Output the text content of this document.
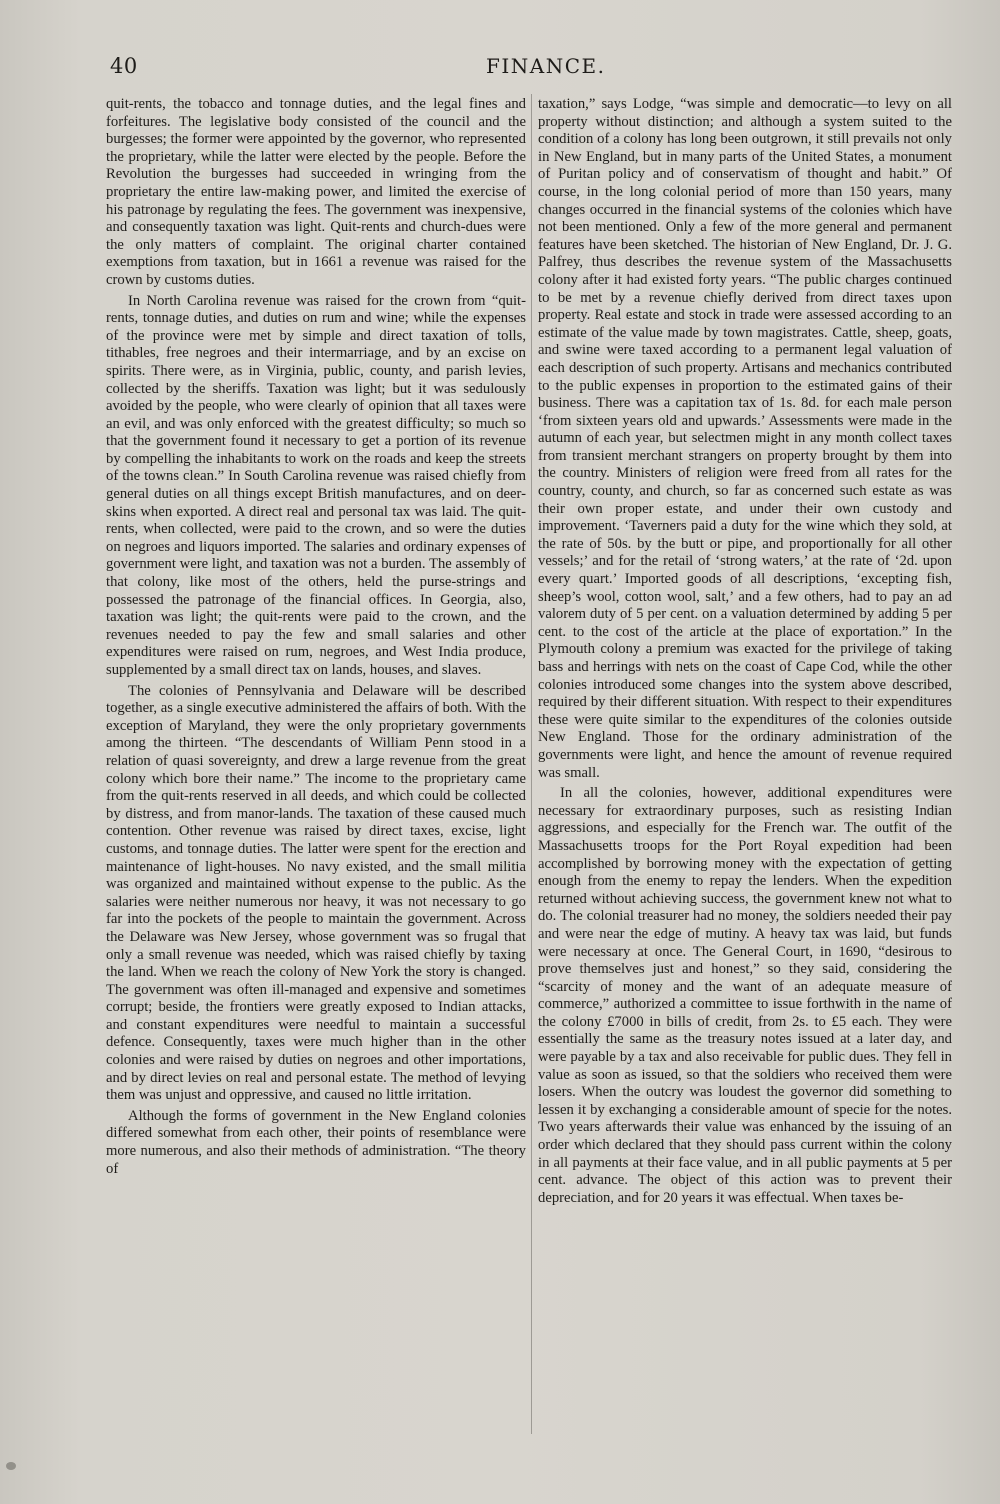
40	FINANCE.

quit-rents, the tobacco and tonnage duties, and the legal fines and forfeitures. The legislative body consisted of the council and the burgesses; the former were appointed by the governor, who represented the proprietary, while the latter were elected by the people. Before the Revolution the burgesses had succeeded in wringing from the proprietary the entire law-making power, and limited the exercise of his patronage by regulating the fees. The government was inexpensive, and consequently taxation was light. Quit-rents and church-dues were the only matters of complaint. The original charter contained exemptions from taxation, but in 1661 a revenue was raised for the crown by customs duties.

In North Carolina revenue was raised for the crown from “quit-rents, tonnage duties, and duties on rum and wine; while the expenses of the province were met by simple and direct taxation of tolls, tithables, free negroes and their intermarriage, and by an excise on spirits. There were, as in Virginia, public, county, and parish levies, collected by the sheriffs. Taxation was light; but it was sedulously avoided by the people, who were clearly of opinion that all taxes were an evil, and was only enforced with the greatest difficulty; so much so that the government found it necessary to get a portion of its revenue by compelling the inhabitants to work on the roads and keep the streets of the towns clean.” In South Carolina revenue was raised chiefly from general duties on all things except British manufactures, and on deer-skins when exported. A direct real and personal tax was laid. The quit-rents, when collected, were paid to the crown, and so were the duties on negroes and liquors imported. The salaries and ordinary expenses of government were light, and taxation was not a burden. The assembly of that colony, like most of the others, held the purse-strings and possessed the patronage of the financial offices. In Georgia, also, taxation was light; the quit-rents were paid to the crown, and the revenues needed to pay the few and small salaries and other expenditures were raised on rum, negroes, and West India produce, supplemented by a small direct tax on lands, houses, and slaves.

The colonies of Pennsylvania and Delaware will be described together, as a single executive administered the affairs of both. With the exception of Maryland, they were the only proprietary governments among the thirteen. “The descendants of William Penn stood in a relation of quasi sovereignty, and drew a large revenue from the great colony which bore their name.” The income to the proprietary came from the quit-rents reserved in all deeds, and which could be collected by distress, and from manor-lands. The taxation of these caused much contention. Other revenue was raised by direct taxes, excise, light customs, and tonnage duties. The latter were spent for the erection and maintenance of light-houses. No navy existed, and the small militia was organized and maintained without expense to the public. As the salaries were neither numerous nor heavy, it was not necessary to go far into the pockets of the people to maintain the government. Across the Delaware was New Jersey, whose government was so frugal that only a small revenue was needed, which was raised chiefly by taxing the land. When we reach the colony of New York the story is changed. The government was often ill-managed and expensive and sometimes corrupt; beside, the frontiers were greatly exposed to Indian attacks, and constant expenditures were needful to maintain a successful defence. Consequently, taxes were much higher than in the other colonies and were raised by duties on negroes and other importations, and by direct levies on real and personal estate. The method of levying them was unjust and oppressive, and caused no little irritation.

Although the forms of government in the New England colonies differed somewhat from each other, their points of resemblance were more numerous, and also their methods of administration. “The theory of

taxation,” says Lodge, “was simple and democratic—to levy on all property without distinction; and although a system suited to the condition of a colony has long been outgrown, it still prevails not only in New England, but in many parts of the United States, a monument of Puritan policy and of conservatism of thought and habit.” Of course, in the long colonial period of more than 150 years, many changes occurred in the financial systems of the colonies which have not been mentioned. Only a few of the more general and permanent features have been sketched. The historian of New England, Dr. J. G. Palfrey, thus describes the revenue system of the Massachusetts colony after it had existed forty years. “The public charges continued to be met by a revenue chiefly derived from direct taxes upon property. Real estate and stock in trade were assessed according to an estimate of the value made by town magistrates. Cattle, sheep, goats, and swine were taxed according to a permanent legal valuation of each description of such property. Artisans and mechanics contributed to the public expenses in proportion to the estimated gains of their business. There was a capitation tax of 1s. 8d. for each male person ‘from sixteen years old and upwards.’ Assessments were made in the autumn of each year, but selectmen might in any month collect taxes from transient merchant strangers on property brought by them into the country. Ministers of religion were freed from all rates for the country, county, and church, so far as concerned such estate as was their own proper estate, and under their own custody and improvement. ‘Taverners paid a duty for the wine which they sold, at the rate of 50s. by the butt or pipe, and proportionally for all other vessels;’ and for the retail of ‘strong waters,’ at the rate of ‘2d. upon every quart.’ Imported goods of all descriptions, ‘excepting fish, sheep’s wool, cotton wool, salt,’ and a few others, had to pay an ad valorem duty of 5 per cent. on a valuation determined by adding 5 per cent. to the cost of the article at the place of exportation.” In the Plymouth colony a premium was exacted for the privilege of taking bass and herrings with nets on the coast of Cape Cod, while the other colonies introduced some changes into the system above described, required by their different situation. With respect to their expenditures these were quite similar to the expenditures of the colonies outside New England. Those for the ordinary administration of the governments were light, and hence the amount of revenue required was small.

In all the colonies, however, additional expenditures were necessary for extraordinary purposes, such as resisting Indian aggressions, and especially for the French war. The outfit of the Massachusetts troops for the Port Royal expedition had been accomplished by borrowing money with the expectation of getting enough from the enemy to repay the lenders. When the expedition returned without achieving success, the government knew not what to do. The colonial treasurer had no money, the soldiers needed their pay and were near the edge of mutiny. A heavy tax was laid, but funds were necessary at once. The General Court, in 1690, “desirous to prove themselves just and honest,” so they said, considering the “scarcity of money and the want of an adequate measure of commerce,” authorized a committee to issue forthwith in the name of the colony £7000 in bills of credit, from 2s. to £5 each. They were essentially the same as the treasury notes issued at a later day, and were payable by a tax and also receivable for public dues. They fell in value as soon as issued, so that the soldiers who received them were losers. When the outcry was loudest the governor did something to lessen it by exchanging a considerable amount of specie for the notes. Two years afterwards their value was enhanced by the issuing of an order which declared that they should pass current within the colony in all payments at their face value, and in all public payments at 5 per cent. advance. The object of this action was to prevent their depreciation, and for 20 years it was effectual. When taxes be-
